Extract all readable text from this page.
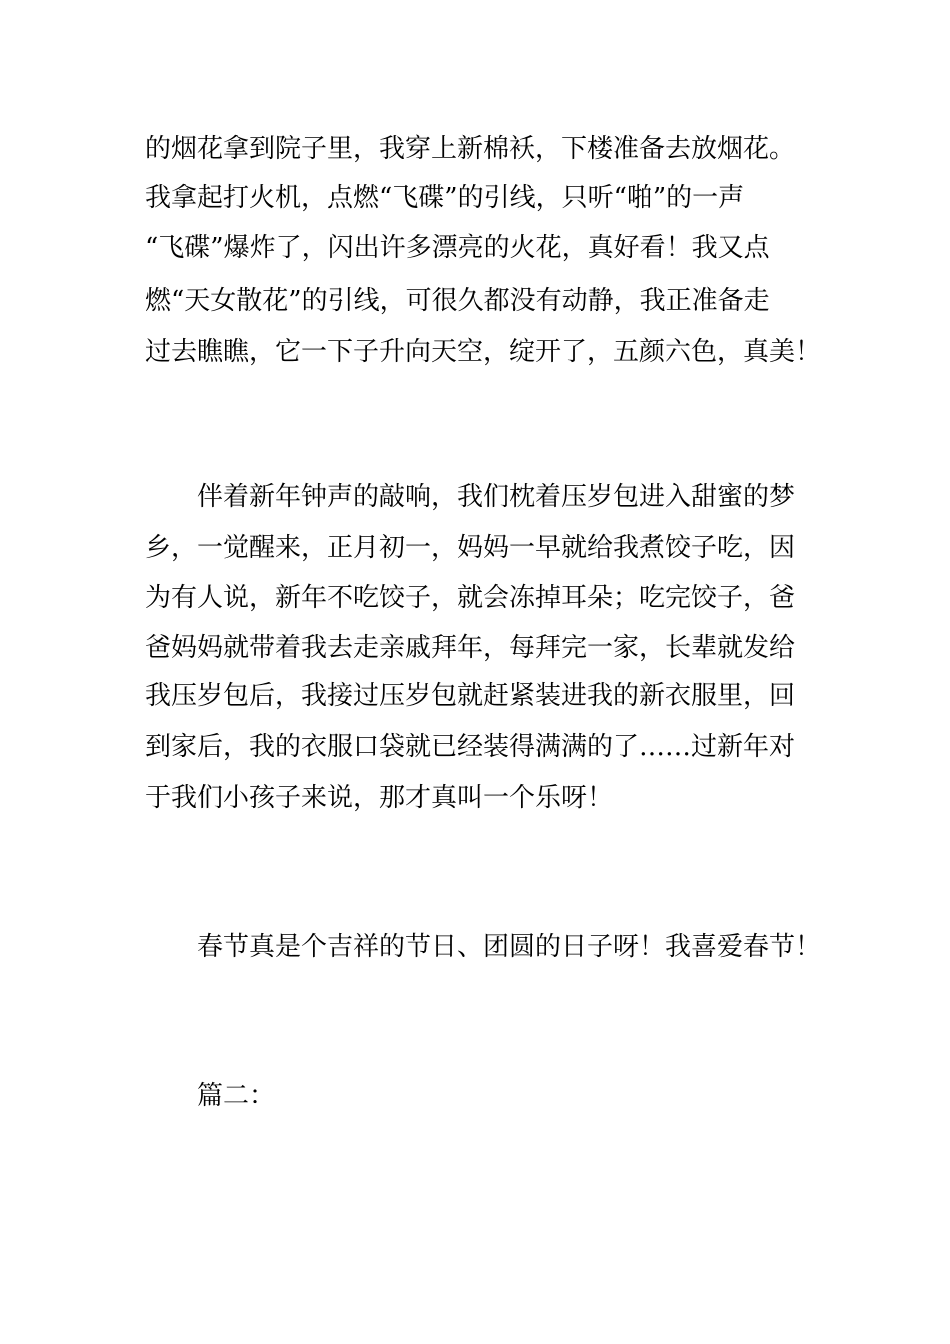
的烟花拿到院子里，我穿上新棉袄，下楼准备去放烟花。

我拿起打火机，点燃“飞碟”的引线，只听“啪”的一声

“飞碟”爆炸了，闪出许多漂亮的火花，真好看！我又点

燃“天女散花”的引线，可很久都没有动静，我正准备走

过去瞧瞧，它一下子升向天空，绽开了，五颜六色，真美！

伴着新年钟声的敲响，我们枕着压岁包进入甜蜜的梦

乡，一觉醒来，正月初一，妈妈一早就给我煮饺子吃，因

为有人说，新年不吃饺子，就会冻掉耳朵；吃完饺子，爸

爸妈妈就带着我去走亲戚拜年，每拜完一家，长辈就发给

我压岁包后，我接过压岁包就赶紧装进我的新衣服里，回

到家后，我的衣服口袋就已经装得满满的了……过新年对

于我们小孩子来说，那才真叫一个乐呀！

春节真是个吉祥的节日、团圆的日子呀！我喜爱春节！

篇二：
